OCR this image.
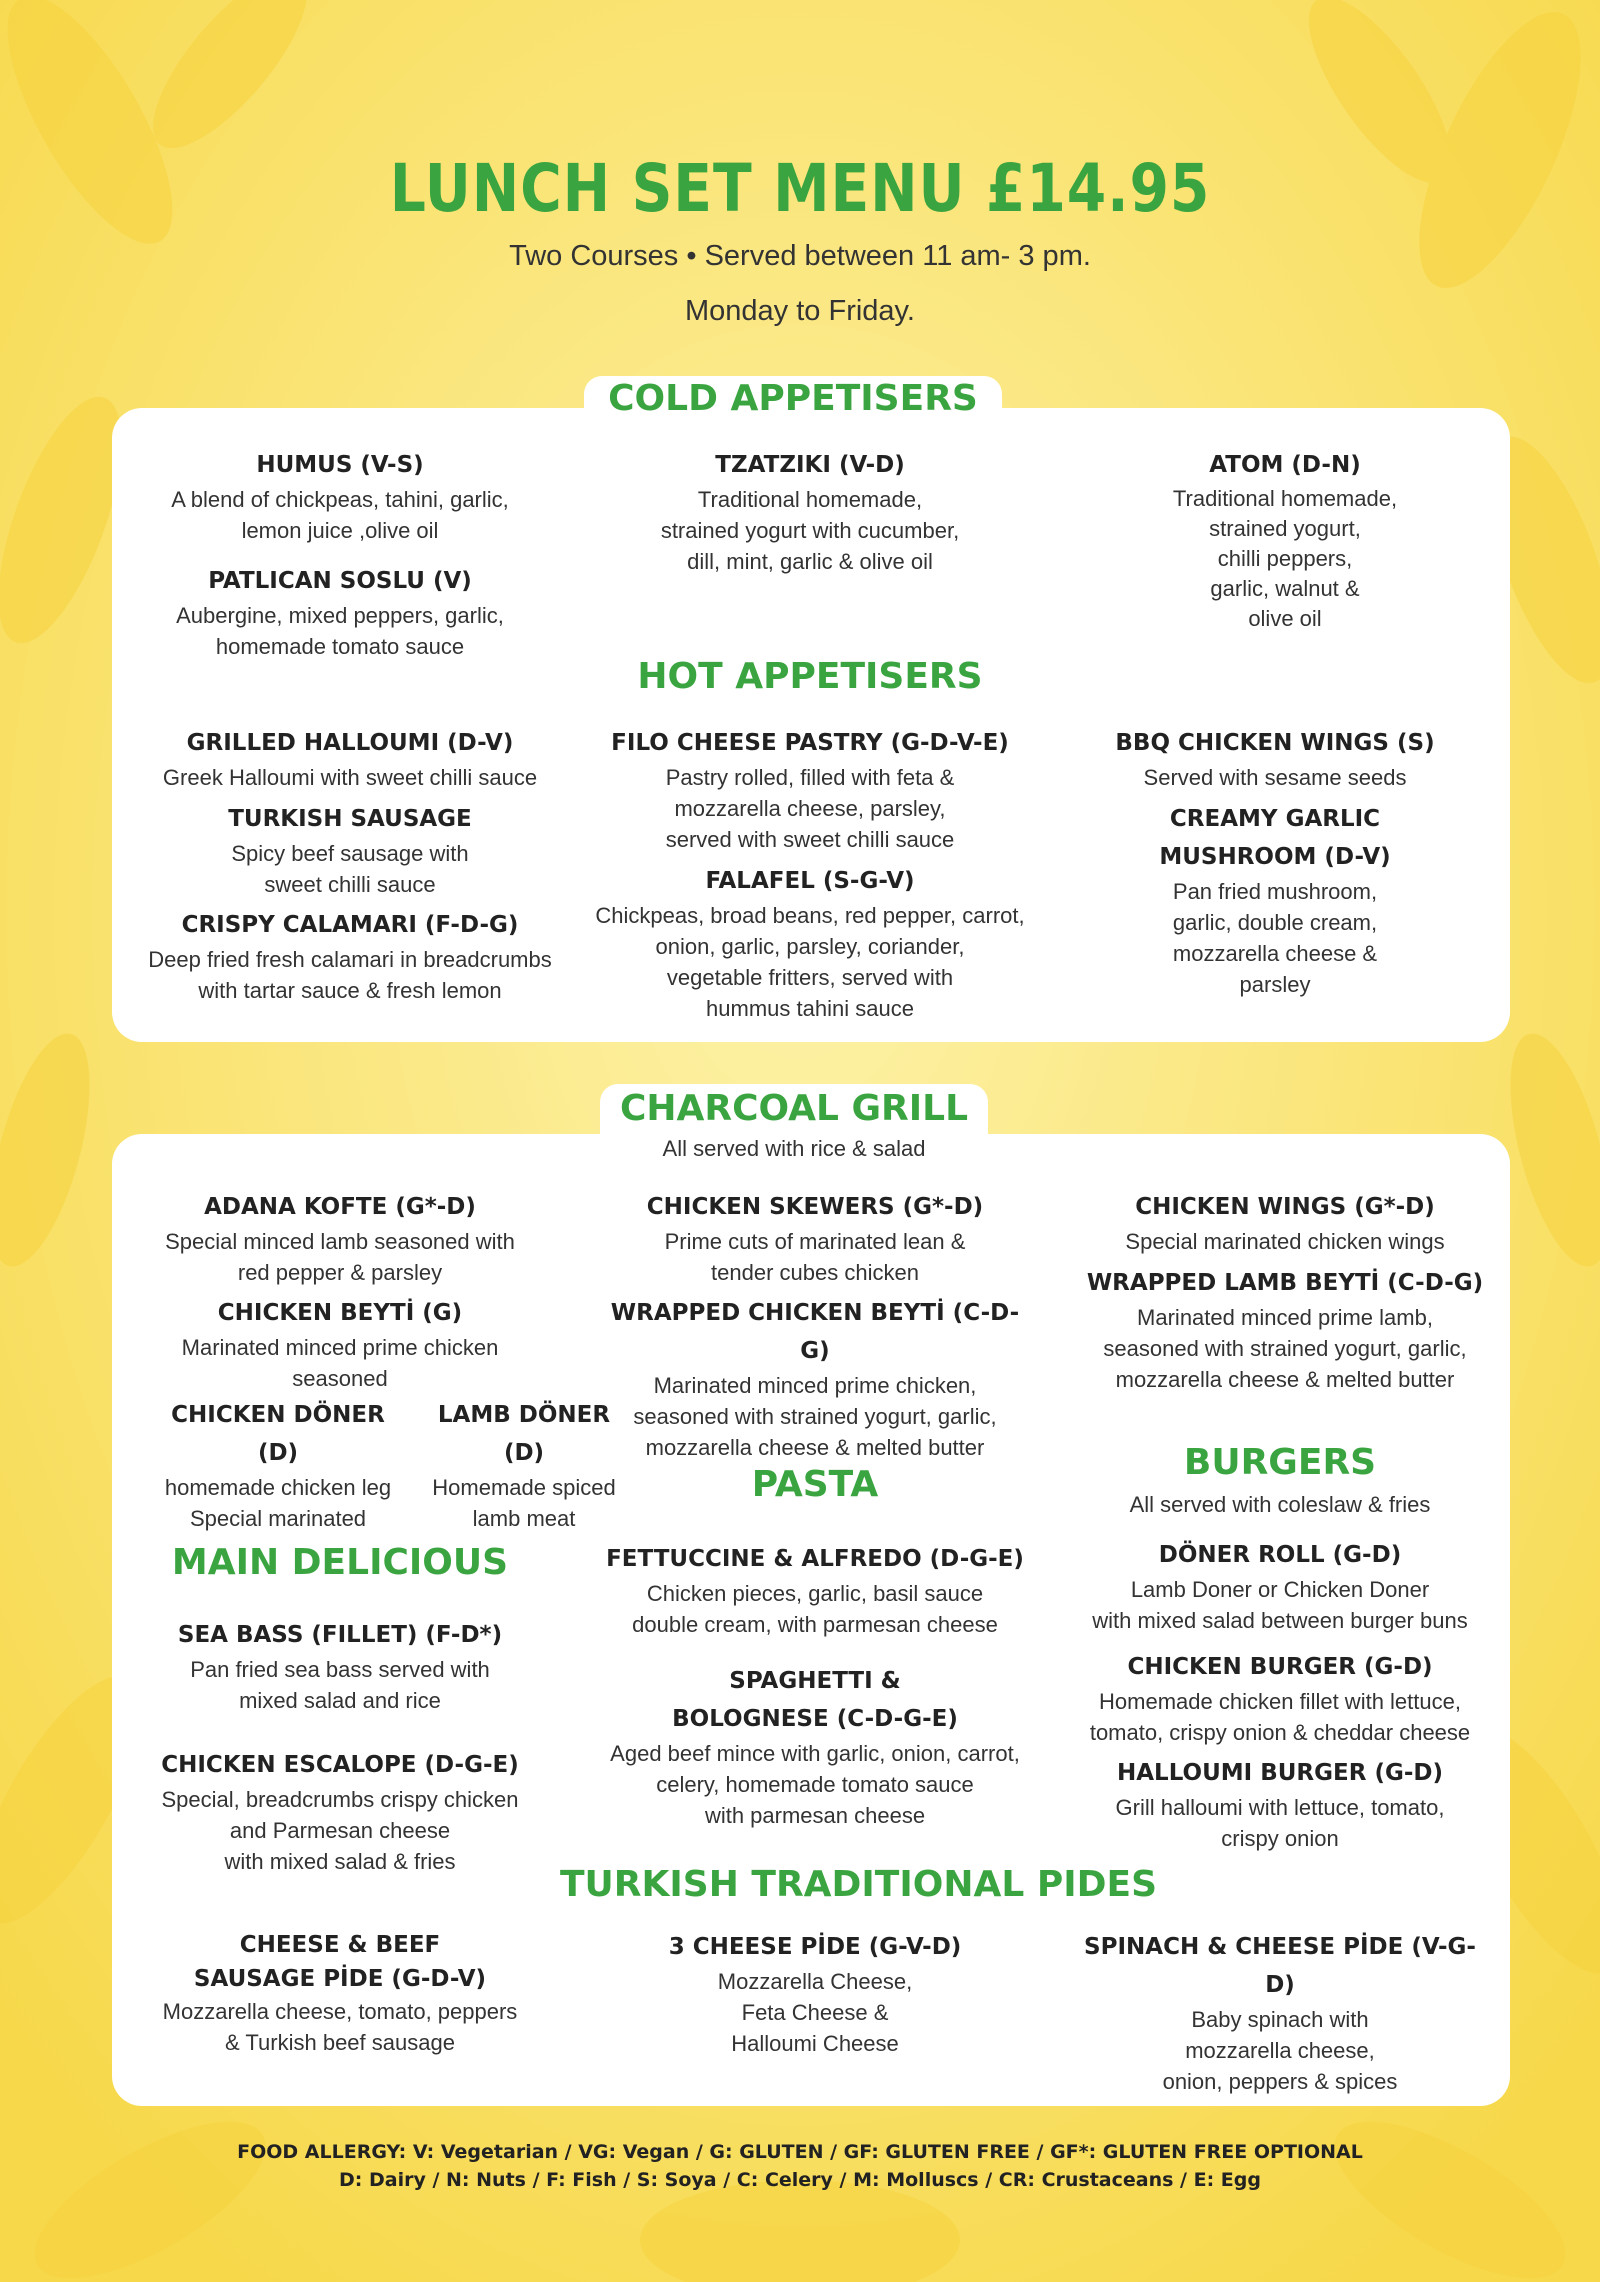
LUNCH SET MENU £14.95
Two Courses • Served between 11 am- 3 pm.
Monday to Friday.
COLD APPETISERS
HUMUS (V-S)
A blend of chickpeas, tahini, garlic,
lemon juice ,olive oil
PATLICAN SOSLU (V)
Aubergine, mixed peppers, garlic,
homemade tomato sauce
TZATZIKI (V-D)
Traditional homemade,
strained yogurt with cucumber,
dill, mint, garlic & olive oil
ATOM (D-N)
Traditional homemade,
strained yogurt,
chilli peppers,
garlic, walnut &
olive oil
HOT APPETISERS
GRILLED HALLOUMI (D-V)
Greek Halloumi with sweet chilli sauce
TURKISH SAUSAGE
Spicy beef sausage with
sweet chilli sauce
CRISPY CALAMARI (F-D-G)
Deep fried fresh calamari in breadcrumbs
with tartar sauce & fresh lemon
FILO CHEESE PASTRY (G-D-V-E)
Pastry rolled, filled with feta &
mozzarella cheese, parsley,
served with sweet chilli sauce
FALAFEL (S-G-V)
Chickpeas, broad beans, red pepper, carrot,
onion, garlic, parsley, coriander,
vegetable fritters, served with
hummus tahini sauce
BBQ CHICKEN WINGS (S)
Served with sesame seeds
CREAMY GARLIC
MUSHROOM (D-V)
Pan fried mushroom,
garlic, double cream,
mozzarella cheese &
parsley
CHARCOAL GRILL
All served with rice & salad
ADANA KOFTE (G*-D)
Special minced lamb seasoned with
red pepper & parsley
CHICKEN BEYTİ (G)
Marinated minced prime chicken
seasoned
CHICKEN DÖNER (D)
homemade chicken leg
Special marinated
LAMB DÖNER (D)
Homemade spiced
lamb meat
CHICKEN SKEWERS (G*-D)
Prime cuts of marinated lean &
tender cubes chicken
WRAPPED CHICKEN BEYTİ (C-D-G)
Marinated minced prime chicken,
seasoned with strained yogurt, garlic,
mozzarella cheese & melted butter
CHICKEN WINGS (G*-D)
Special marinated chicken wings
WRAPPED LAMB BEYTİ (C-D-G)
Marinated minced prime lamb,
seasoned with strained yogurt, garlic,
mozzarella cheese & melted butter
MAIN DELICIOUS
SEA BASS (FILLET) (F-D*)
Pan fried sea bass served with
mixed salad and rice
CHICKEN ESCALOPE (D-G-E)
Special, breadcrumbs crispy chicken
and Parmesan cheese
with mixed salad & fries
PASTA
FETTUCCINE & ALFREDO (D-G-E)
Chicken pieces, garlic, basil sauce
double cream, with parmesan cheese
SPAGHETTI &
BOLOGNESE (C-D-G-E)
Aged beef mince with garlic, onion, carrot,
celery, homemade tomato sauce
with parmesan cheese
BURGERS
All served with coleslaw & fries
DÖNER ROLL (G-D)
Lamb Doner or Chicken Doner
with mixed salad between burger buns
CHICKEN BURGER (G-D)
Homemade chicken fillet with lettuce,
tomato, crispy onion & cheddar cheese
HALLOUMI BURGER (G-D)
Grill halloumi with lettuce, tomato,
crispy onion
TURKISH TRADITIONAL PIDES
CHEESE & BEEF
SAUSAGE PİDE (G-D-V)
Mozzarella cheese, tomato, peppers
& Turkish beef sausage
3 CHEESE PİDE (G-V-D)
Mozzarella Cheese,
Feta Cheese &
Halloumi Cheese
SPINACH & CHEESE PİDE (V-G-D)
Baby spinach with
mozzarella cheese,
onion, peppers & spices
FOOD ALLERGY: V: Vegetarian / VG: Vegan / G: GLUTEN / GF: GLUTEN FREE / GF*: GLUTEN FREE OPTIONAL
D: Dairy / N: Nuts / F: Fish / S: Soya / C: Celery / M: Molluscs / CR: Crustaceans / E: Egg
